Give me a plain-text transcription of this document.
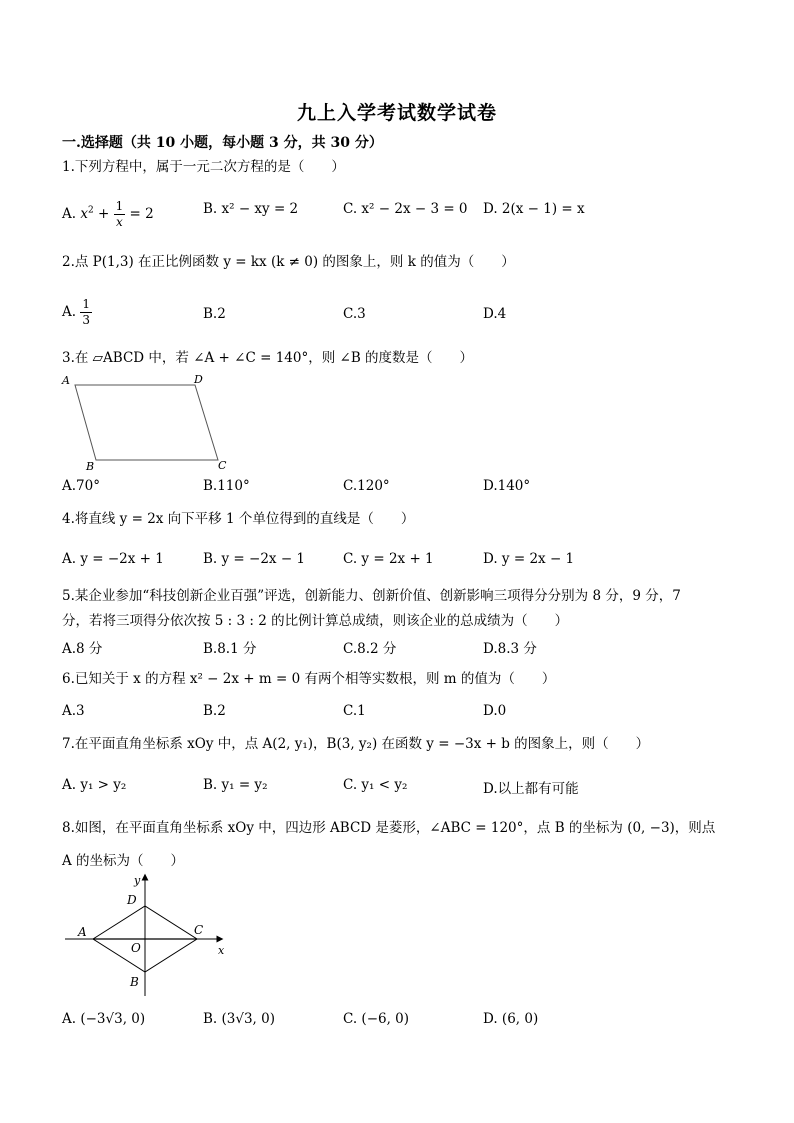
九上入学考试数学试卷
一.选择题（共 10 小题，每小题 3 分，共 30 分）
1.下列方程中，属于一元二次方程的是（　　）
A. $x^2 + \frac{1}{x} = 2$	B. x² − xy = 2	C. x² − 2x − 3 = 0 D. 2(x − 1) = x
2.点 P(1,3) 在正比例函数 y = kx (k ≠ 0) 的图象上，则 k 的值为（　　）
A. $\frac{1}{3}$	B.2	C.3	D.4
3.在 ▱ABCD 中，若 ∠A + ∠C = 140°，则 ∠B 的度数是（　　）
A	D
B	C
A.70°	B.110°	C.120°	D.140°
4.将直线 y = 2x 向下平移 1 个单位得到的直线是（　　）
A. y = −2x + 1	B. y = −2x − 1	C. y = 2x + 1	D. y = 2x − 1
5.某企业参加“科技创新企业百强”评选，创新能力、创新价值、创新影响三项得分分别为 8 分，9 分，7
分，若将三项得分依次按 5 : 3 : 2 的比例计算总成绩，则该企业的总成绩为（　　）
A.8 分	B.8.1 分	C.8.2 分	D.8.3 分
6.已知关于 x 的方程 x² − 2x + m = 0 有两个相等实数根，则 m 的值为（　　）
A.3	B.2	C.1	D.0
7.在平面直角坐标系 xOy 中，点 A(2, y₁)，B(3, y₂) 在函数 y = −3x + b 的图象上，则（　　）
A. y₁ > y₂	B. y₁ = y₂	C. y₁ < y₂	D.以上都有可能
8.如图，在平面直角坐标系 xOy 中，四边形 ABCD 是菱形，∠ABC = 120°，点 B 的坐标为 (0, −3)，则点
A 的坐标为（　　）
y
D
A	C
O	x
B
A. (−3√3, 0)	B. (3√3, 0)	C. (−6, 0)	D. (6, 0)
